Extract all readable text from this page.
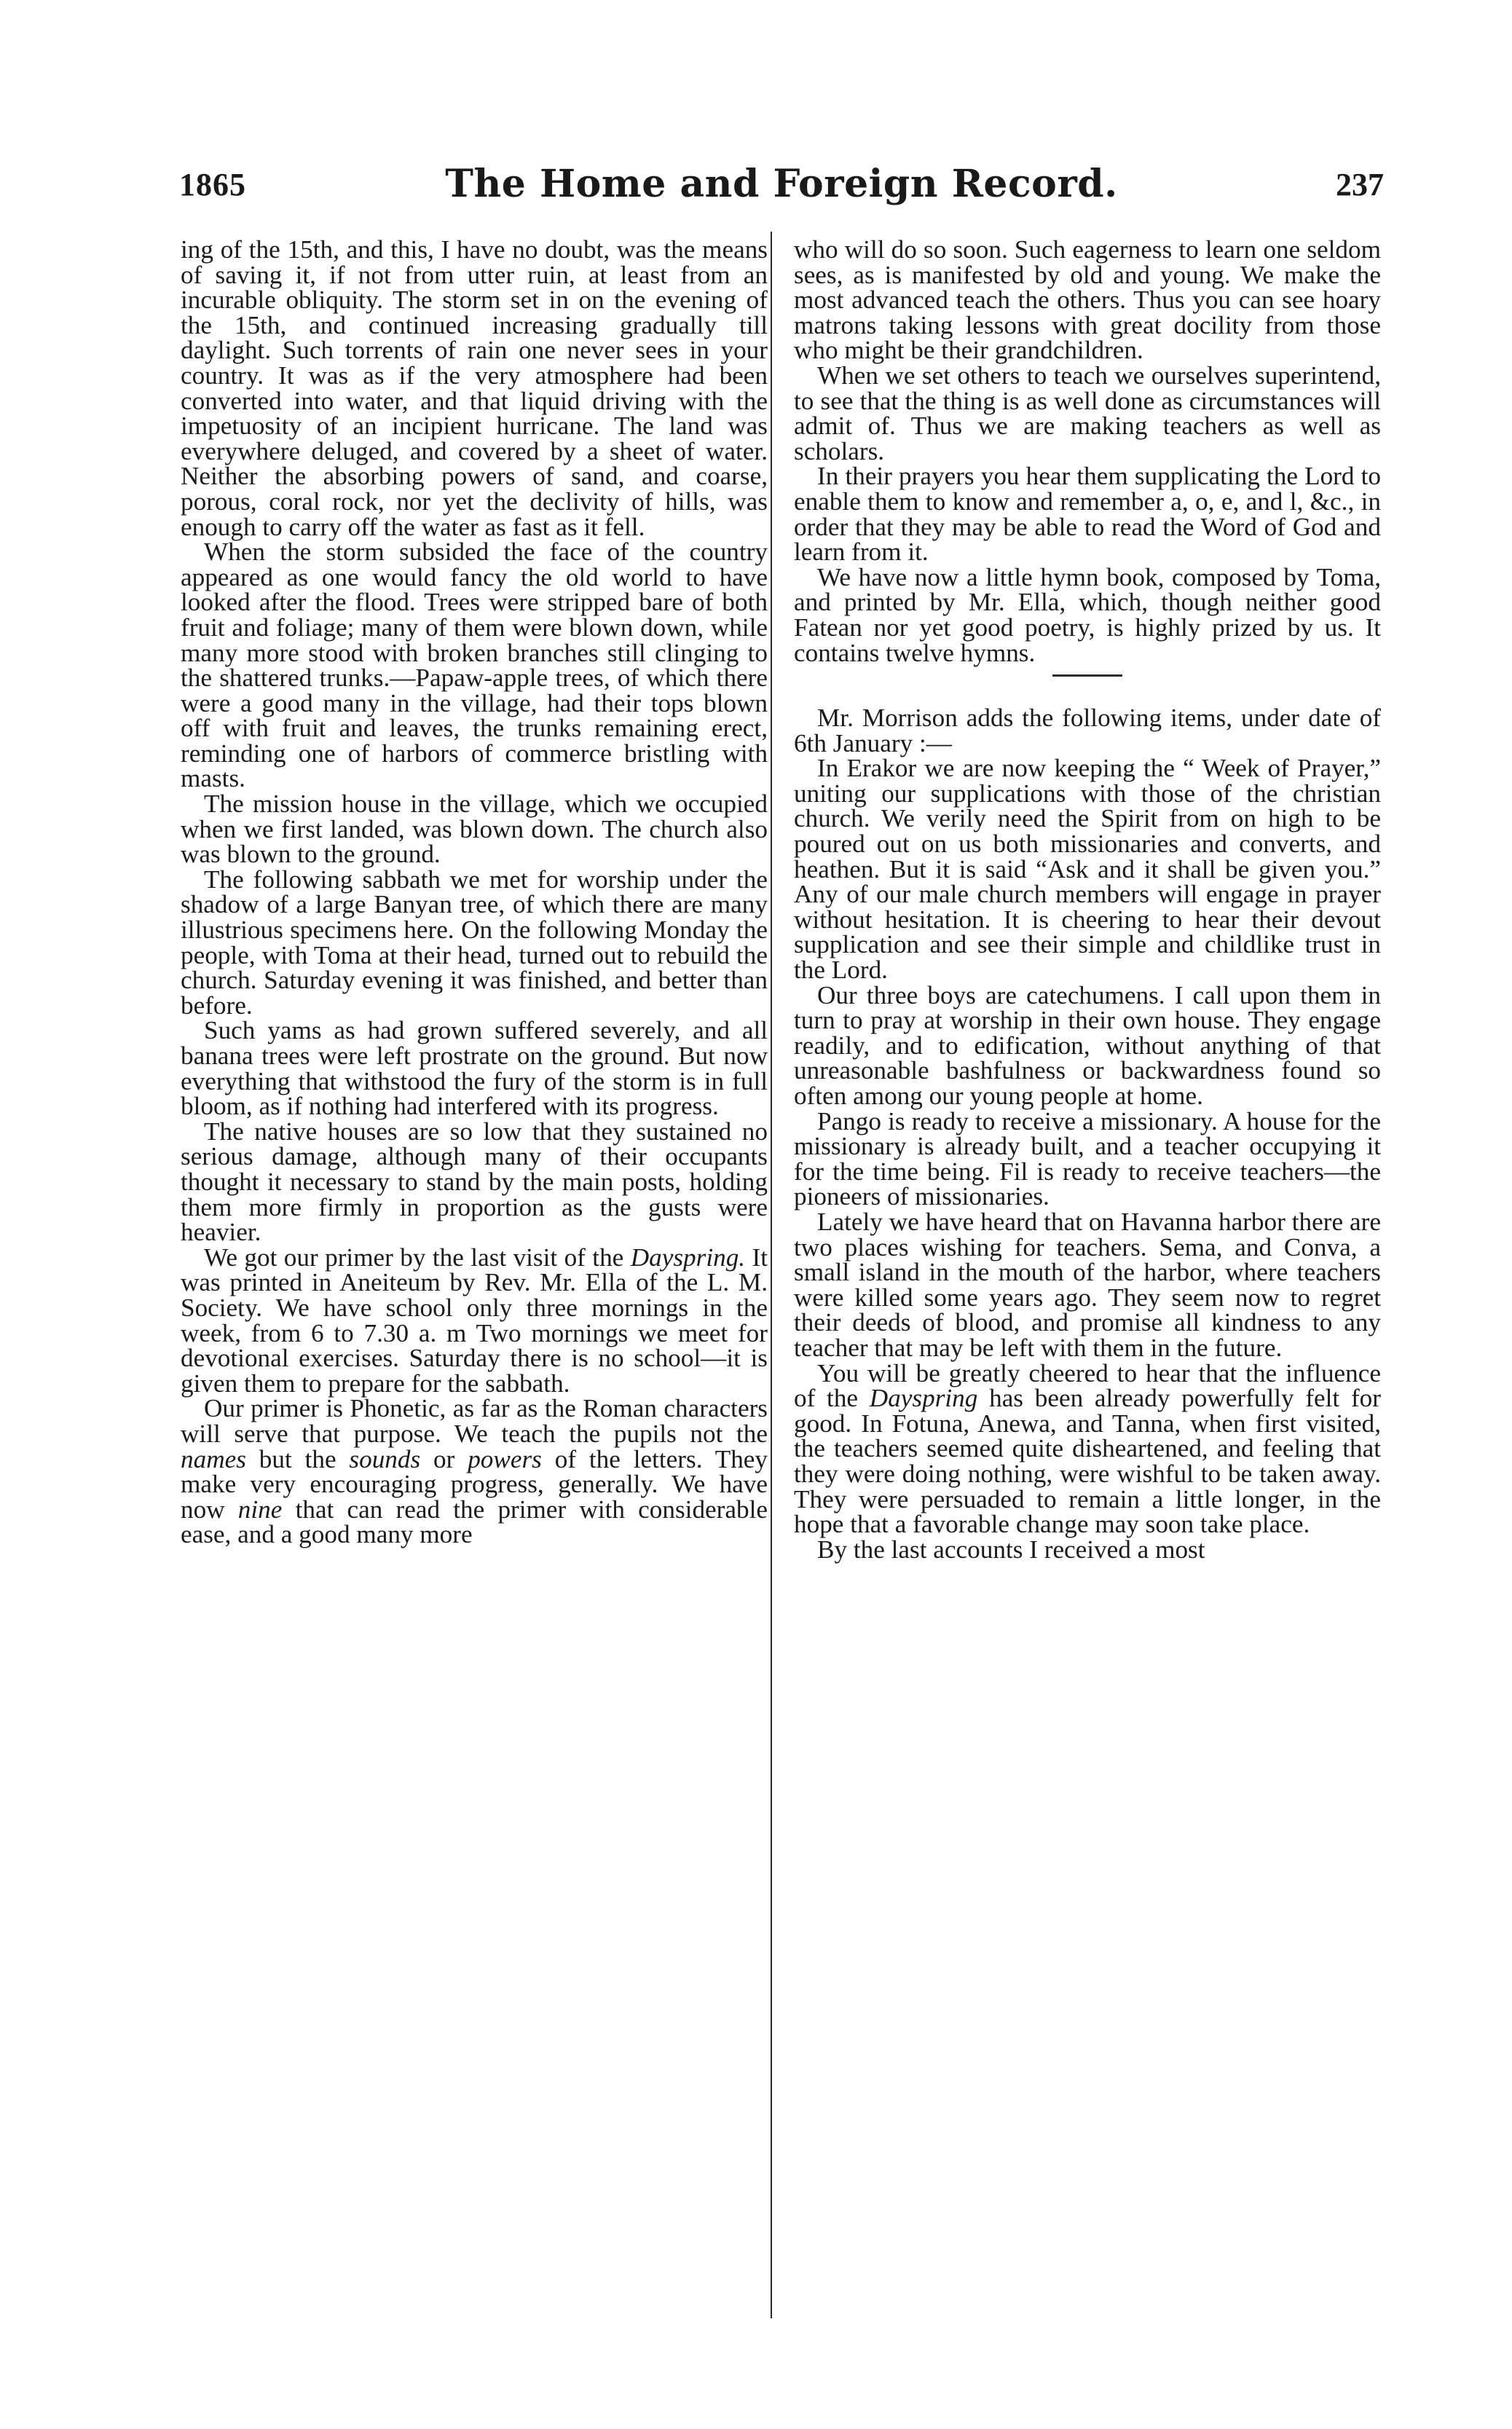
1865	The Home and Foreign Record.	237

ing of the 15th, and this, I have no doubt, was the means of saving it, if not from utter ruin, at least from an incurable obliquity. The storm set in on the evening of the 15th, and continued increasing gradually till daylight. Such torrents of rain one never sees in your country. It was as if the very atmosphere had been converted into water, and that liquid driving with the impetuosity of an incipient hurricane. The land was everywhere deluged, and covered by a sheet of water. Neither the absorbing powers of sand, and coarse, porous, coral rock, nor yet the declivity of hills, was enough to carry off the water as fast as it fell.

When the storm subsided the face of the country appeared as one would fancy the old world to have looked after the flood. Trees were stripped bare of both fruit and foliage; many of them were blown down, while many more stood with broken branches still clinging to the shattered trunks.—Papaw-apple trees, of which there were a good many in the village, had their tops blown off with fruit and leaves, the trunks remaining erect, reminding one of harbors of commerce bristling with masts.

The mission house in the village, which we occupied when we first landed, was blown down. The church also was blown to the ground.

The following sabbath we met for worship under the shadow of a large Banyan tree, of which there are many illustrious specimens here. On the following Monday the people, with Toma at their head, turned out to rebuild the church. Saturday evening it was finished, and better than before.

Such yams as had grown suffered severely, and all banana trees were left prostrate on the ground. But now everything that withstood the fury of the storm is in full bloom, as if nothing had interfered with its progress.

The native houses are so low that they sustained no serious damage, although many of their occupants thought it necessary to stand by the main posts, holding them more firmly in proportion as the gusts were heavier.

We got our primer by the last visit of the Dayspring. It was printed in Aneiteum by Rev. Mr. Ella of the L. M. Society. We have school only three mornings in the week, from 6 to 7.30 a. m Two mornings we meet for devotional exercises. Saturday there is no school—it is given them to prepare for the sabbath.

Our primer is Phonetic, as far as the Roman characters will serve that purpose. We teach the pupils not the names but the sounds or powers of the letters. They make very encouraging progress, generally. We have now nine that can read the primer with considerable ease, and a good many more

who will do so soon. Such eagerness to learn one seldom sees, as is manifested by old and young. We make the most advanced teach the others. Thus you can see hoary matrons taking lessons with great docility from those who might be their grandchildren.

When we set others to teach we ourselves superintend, to see that the thing is as well done as circumstances will admit of. Thus we are making teachers as well as scholars.

In their prayers you hear them supplicating the Lord to enable them to know and remember a, o, e, and l, &c., in order that they may be able to read the Word of God and learn from it.

We have now a little hymn book, composed by Toma, and printed by Mr. Ella, which, though neither good Fatean nor yet good poetry, is highly prized by us. It contains twelve hymns.

Mr. Morrison adds the following items, under date of 6th January :—

In Erakor we are now keeping the “ Week of Prayer,” uniting our supplications with those of the christian church. We verily need the Spirit from on high to be poured out on us both missionaries and converts, and heathen. But it is said “Ask and it shall be given you.” Any of our male church members will engage in prayer without hesitation. It is cheering to hear their devout supplication and see their simple and childlike trust in the Lord.

Our three boys are catechumens. I call upon them in turn to pray at worship in their own house. They engage readily, and to edification, without anything of that unreasonable bashfulness or backwardness found so often among our young people at home.

Pango is ready to receive a missionary. A house for the missionary is already built, and a teacher occupying it for the time being. Fil is ready to receive teachers—the pioneers of missionaries.

Lately we have heard that on Havanna harbor there are two places wishing for teachers. Sema, and Conva, a small island in the mouth of the harbor, where teachers were killed some years ago. They seem now to regret their deeds of blood, and promise all kindness to any teacher that may be left with them in the future.

You will be greatly cheered to hear that the influence of the Dayspring has been already powerfully felt for good. In Fotuna, Anewa, and Tanna, when first visited, the teachers seemed quite disheartened, and feeling that they were doing nothing, were wishful to be taken away. They were persuaded to remain a little longer, in the hope that a favorable change may soon take place.

By the last accounts I received a most
